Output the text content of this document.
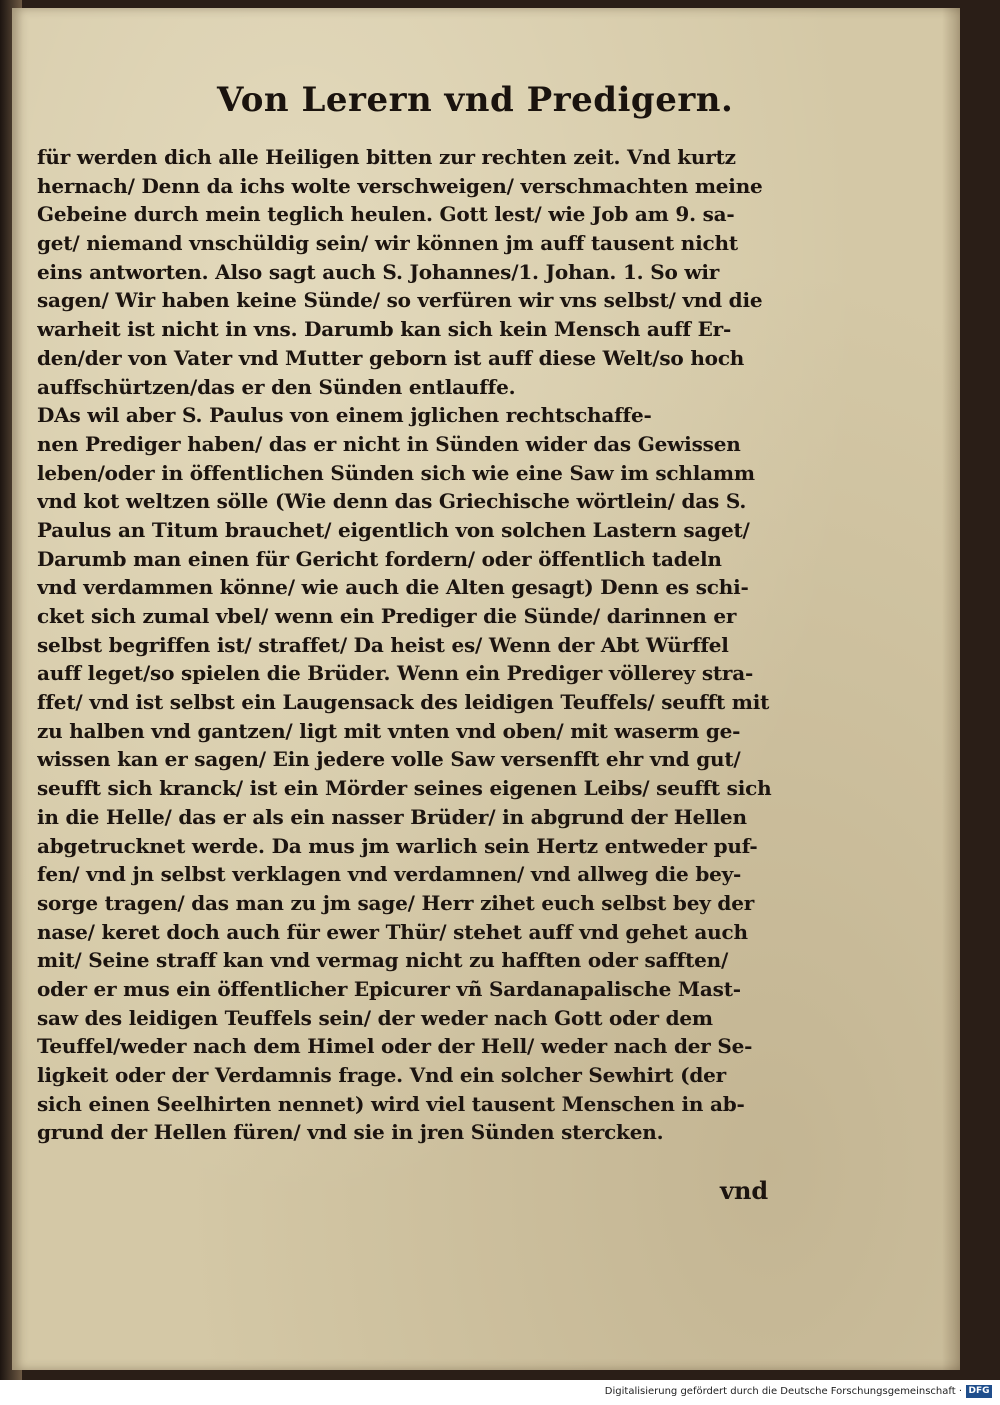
Von Lerern vnd Predigern.
für werden dich alle Heiligen bitten zur rechten zeit. Vnd kurtz
hernach/ Denn da ichs wolte verschweigen/ verschmachten meine
Gebeine durch mein teglich heulen. Gott lest/ wie Job am 9. sa-
get/ niemand vnschüldig sein/ wir können jm auff tausent nicht
eins antworten. Also sagt auch S. Johannes/1. Johan. 1. So wir
sagen/ Wir haben keine Sünde/ so verfüren wir vns selbst/ vnd die
warheit ist nicht in vns. Darumb kan sich kein Mensch auff Er-
den/der von Vater vnd Mutter geborn ist auff diese Welt/so hoch
auffschürtzen/das er den Sünden entlauffe.
DAs wil aber S. Paulus von einem jglichen rechtschaffe-
nen Prediger haben/ das er nicht in Sünden wider das Gewissen
leben/oder in öffentlichen Sünden sich wie eine Saw im schlamm
vnd kot weltzen sölle (Wie denn das Griechische wörtlein/ das S.
Paulus an Titum brauchet/ eigentlich von solchen Lastern saget/
Darumb man einen für Gericht fordern/ oder öffentlich tadeln
vnd verdammen könne/ wie auch die Alten gesagt) Denn es schi-
cket sich zumal vbel/ wenn ein Prediger die Sünde/ darinnen er
selbst begriffen ist/ straffet/ Da heist es/ Wenn der Abt Würffel
auff leget/so spielen die Brüder. Wenn ein Prediger völlerey stra-
ffet/ vnd ist selbst ein Laugensack des leidigen Teuffels/ seufft mit
zu halben vnd gantzen/ ligt mit vnten vnd oben/ mit waserm ge-
wissen kan er sagen/ Ein jedere volle Saw versenfft ehr vnd gut/
seufft sich kranck/ ist ein Mörder seines eigenen Leibs/ seufft sich
in die Helle/ das er als ein nasser Brüder/ in abgrund der Hellen
abgetrucknet werde. Da mus jm warlich sein Hertz entweder puf-
fen/ vnd jn selbst verklagen vnd verdamnen/ vnd allweg die bey-
sorge tragen/ das man zu jm sage/ Herr zihet euch selbst bey der
nase/ keret doch auch für ewer Thür/ stehet auff vnd gehet auch
mit/ Seine straff kan vnd vermag nicht zu hafften oder safften/
oder er mus ein öffentlicher Epicurer vñ Sardanapalische Mast-
saw des leidigen Teuffels sein/ der weder nach Gott oder dem
Teuffel/weder nach dem Himel oder der Hell/ weder nach der Se-
ligkeit oder der Verdamnis frage. Vnd ein solcher Sewhirt (der
sich einen Seelhirten nennet) wird viel tausent Menschen in ab-
grund der Hellen füren/ vnd sie in jren Sünden stercken.
vnd
Digitalisierung gefördert durch die Deutsche Forschungsgemeinschaft · DFG
